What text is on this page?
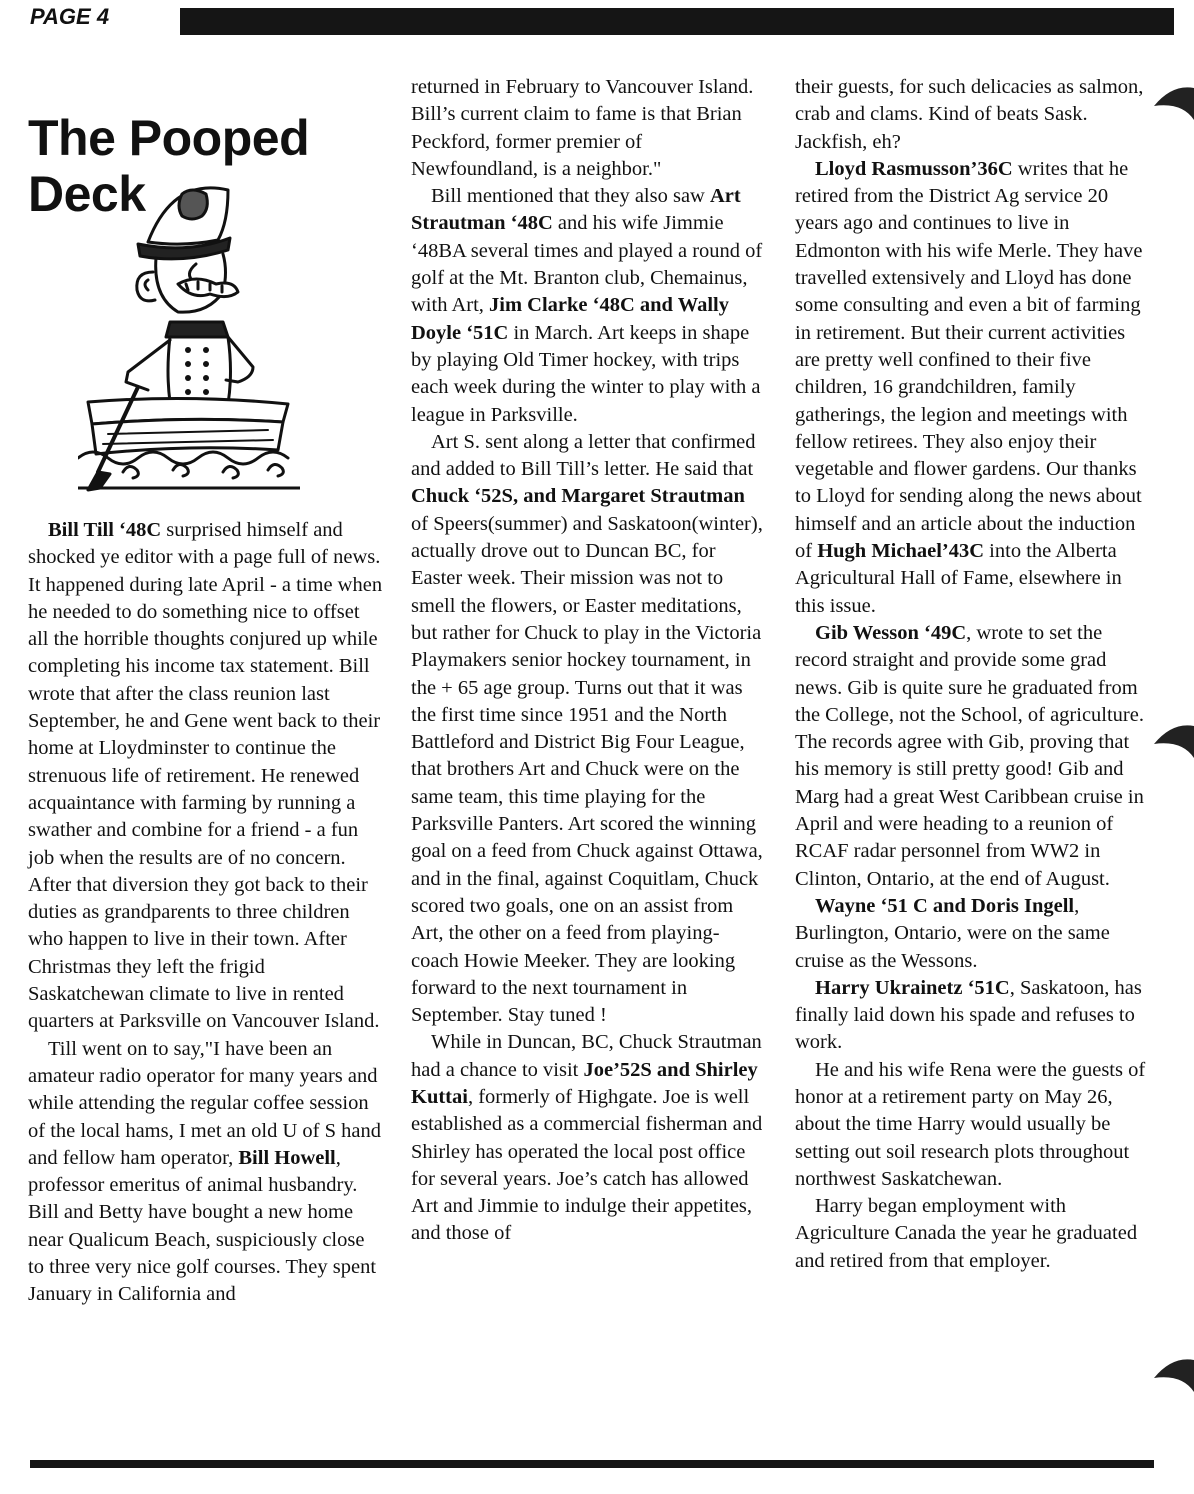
PAGE 4
The Pooped
Deck

Bill Till ‘48C surprised himself and shocked ye editor with a page full of news. It happened during late April - a time when he needed to do something nice to offset all the horrible thoughts conjured up while completing his income tax statement. Bill wrote that after the class reunion last September, he and Gene went back to their home at Lloydminster to continue the strenuous life of retirement. He renewed acquaintance with farming by running a swather and combine for a friend - a fun job when the results are of no concern. After that diversion they got back to their duties as grandparents to three children who happen to live in their town. After Christmas they left the frigid Saskatchewan climate to live in rented quarters at Parksville on Vancouver Island.

Till went on to say,"I have been an amateur radio operator for many years and while attending the regular coffee session of the local hams, I met an old U of S hand and fellow ham operator, Bill Howell, professor emeritus of animal husbandry. Bill and Betty have bought a new home near Qualicum Beach, suspiciously close to three very nice golf courses. They spent January in California and

returned in February to Vancouver Island. Bill’s current claim to fame is that Brian Peckford, former premier of Newfoundland, is a neighbor."

Bill mentioned that they also saw Art Strautman ‘48C and his wife Jimmie ‘48BA several times and played a round of golf at the Mt. Branton club, Chemainus, with Art, Jim Clarke ‘48C and Wally Doyle ‘51C in March. Art keeps in shape by playing Old Timer hockey, with trips each week during the winter to play with a league in Parksville.

Art S. sent along a letter that confirmed and added to Bill Till’s letter. He said that Chuck ‘52S, and Margaret Strautman of Speers(summer) and Saskatoon(winter), actually drove out to Duncan BC, for Easter week. Their mission was not to smell the flowers, or Easter meditations, but rather for Chuck to play in the Victoria Playmakers senior hockey tournament, in the + 65 age group. Turns out that it was the first time since 1951 and the North Battleford and District Big Four League, that brothers Art and Chuck were on the same team, this time playing for the Parksville Panters. Art scored the winning goal on a feed from Chuck against Ottawa, and in the final, against Coquitlam, Chuck scored two goals, one on an assist from Art, the other on a feed from playing-coach Howie Meeker. They are looking forward to the next tournament in September. Stay tuned !

While in Duncan, BC, Chuck Strautman had a chance to visit Joe’52S and Shirley Kuttai, formerly of Highgate. Joe is well established as a commercial fisherman and Shirley has operated the local post office for several years. Joe’s catch has allowed Art and Jimmie to indulge their appetites, and those of

their guests, for such delicacies as salmon, crab and clams. Kind of beats Sask. Jackfish, eh?

Lloyd Rasmusson’36C writes that he retired from the District Ag service 20 years ago and continues to live in Edmonton with his wife Merle. They have travelled extensively and Lloyd has done some consulting and even a bit of farming in retirement. But their current activities are pretty well confined to their five children, 16 grandchildren, family gatherings, the legion and meetings with fellow retirees. They also enjoy their vegetable and flower gardens. Our thanks to Lloyd for sending along the news about himself and an article about the induction of Hugh Michael’43C into the Alberta Agricultural Hall of Fame, elsewhere in this issue.

Gib Wesson ‘49C, wrote to set the record straight and provide some grad news. Gib is quite sure he graduated from the College, not the School, of agriculture. The records agree with Gib, proving that his memory is still pretty good! Gib and Marg had a great West Caribbean cruise in April and were heading to a reunion of RCAF radar personnel from WW2 in Clinton, Ontario, at the end of August.

Wayne ‘51 C and Doris Ingell, Burlington, Ontario, were on the same cruise as the Wessons.

Harry Ukrainetz ‘51C, Saskatoon, has finally laid down his spade and refuses to work.

He and his wife Rena were the guests of honor at a retirement party on May 26, about the time Harry would usually be setting out soil research plots throughout northwest Saskatchewan.

Harry began employment with Agriculture Canada the year he graduated and retired from that employer.
